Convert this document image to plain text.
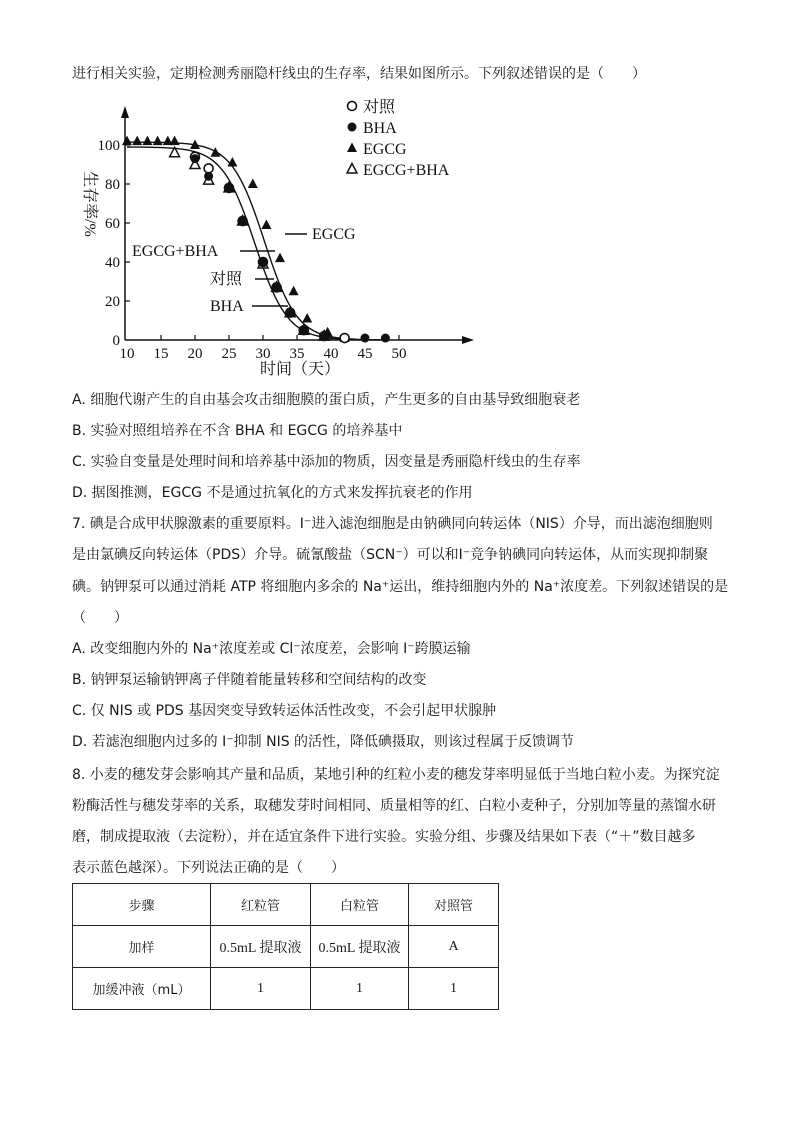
进行相关实验，定期检测秀丽隐杆线虫的生存率，结果如图所示。下列叙述错误的是（　　）
10 15 20 25 30 35 40 45 50
0
20
40
60
80
100
EGCG
EGCG+BHA
对照
BHA
生存率/%
时间（天）
对照
BHA
EGCG
EGCG+BHA
A. 细胞代谢产生的自由基会攻击细胞膜的蛋白质，产生更多的自由基导致细胞衰老
B. 实验对照组培养在不含 BHA 和 EGCG 的培养基中
C. 实验自变量是处理时间和培养基中添加的物质，因变量是秀丽隐杆线虫的生存率
D. 据图推测，EGCG 不是通过抗氧化的方式来发挥抗衰老的作用
7. 碘是合成甲状腺激素的重要原料。I⁻进入滤泡细胞是由钠碘同向转运体（NIS）介导，而出滤泡细胞则
是由氯碘反向转运体（PDS）介导。硫氰酸盐（SCN⁻）可以和I⁻竞争钠碘同向转运体，从而实现抑制聚
碘。钠钾泵可以通过消耗 ATP 将细胞内多余的 Na⁺运出，维持细胞内外的 Na⁺浓度差。下列叙述错误的是
（　　）
A. 改变细胞内外的 Na⁺浓度差或 Cl⁻浓度差，会影响 I⁻跨膜运输
B. 钠钾泵运输钠钾离子伴随着能量转移和空间结构的改变
C. 仅 NIS 或 PDS 基因突变导致转运体活性改变，不会引起甲状腺肿
D. 若滤泡细胞内过多的 I⁻抑制 NIS 的活性，降低碘摄取，则该过程属于反馈调节
8. 小麦的穗发芽会影响其产量和品质，某地引种的红粒小麦的穗发芽率明显低于当地白粒小麦。为探究淀
粉酶活性与穗发芽率的关系，取穗发芽时间相同、质量相等的红、白粒小麦种子，分别加等量的蒸馏水研
磨，制成提取液（去淀粉），并在适宜条件下进行实验。实验分组、步骤及结果如下表（“＋”数目越多
表示蓝色越深）。下列说法正确的是（　　）
步骤	红粒管	白粒管	对照管
加样	0.5mL 提取液	0.5mL 提取液	A
加缓冲液（mL）	1	1	1
